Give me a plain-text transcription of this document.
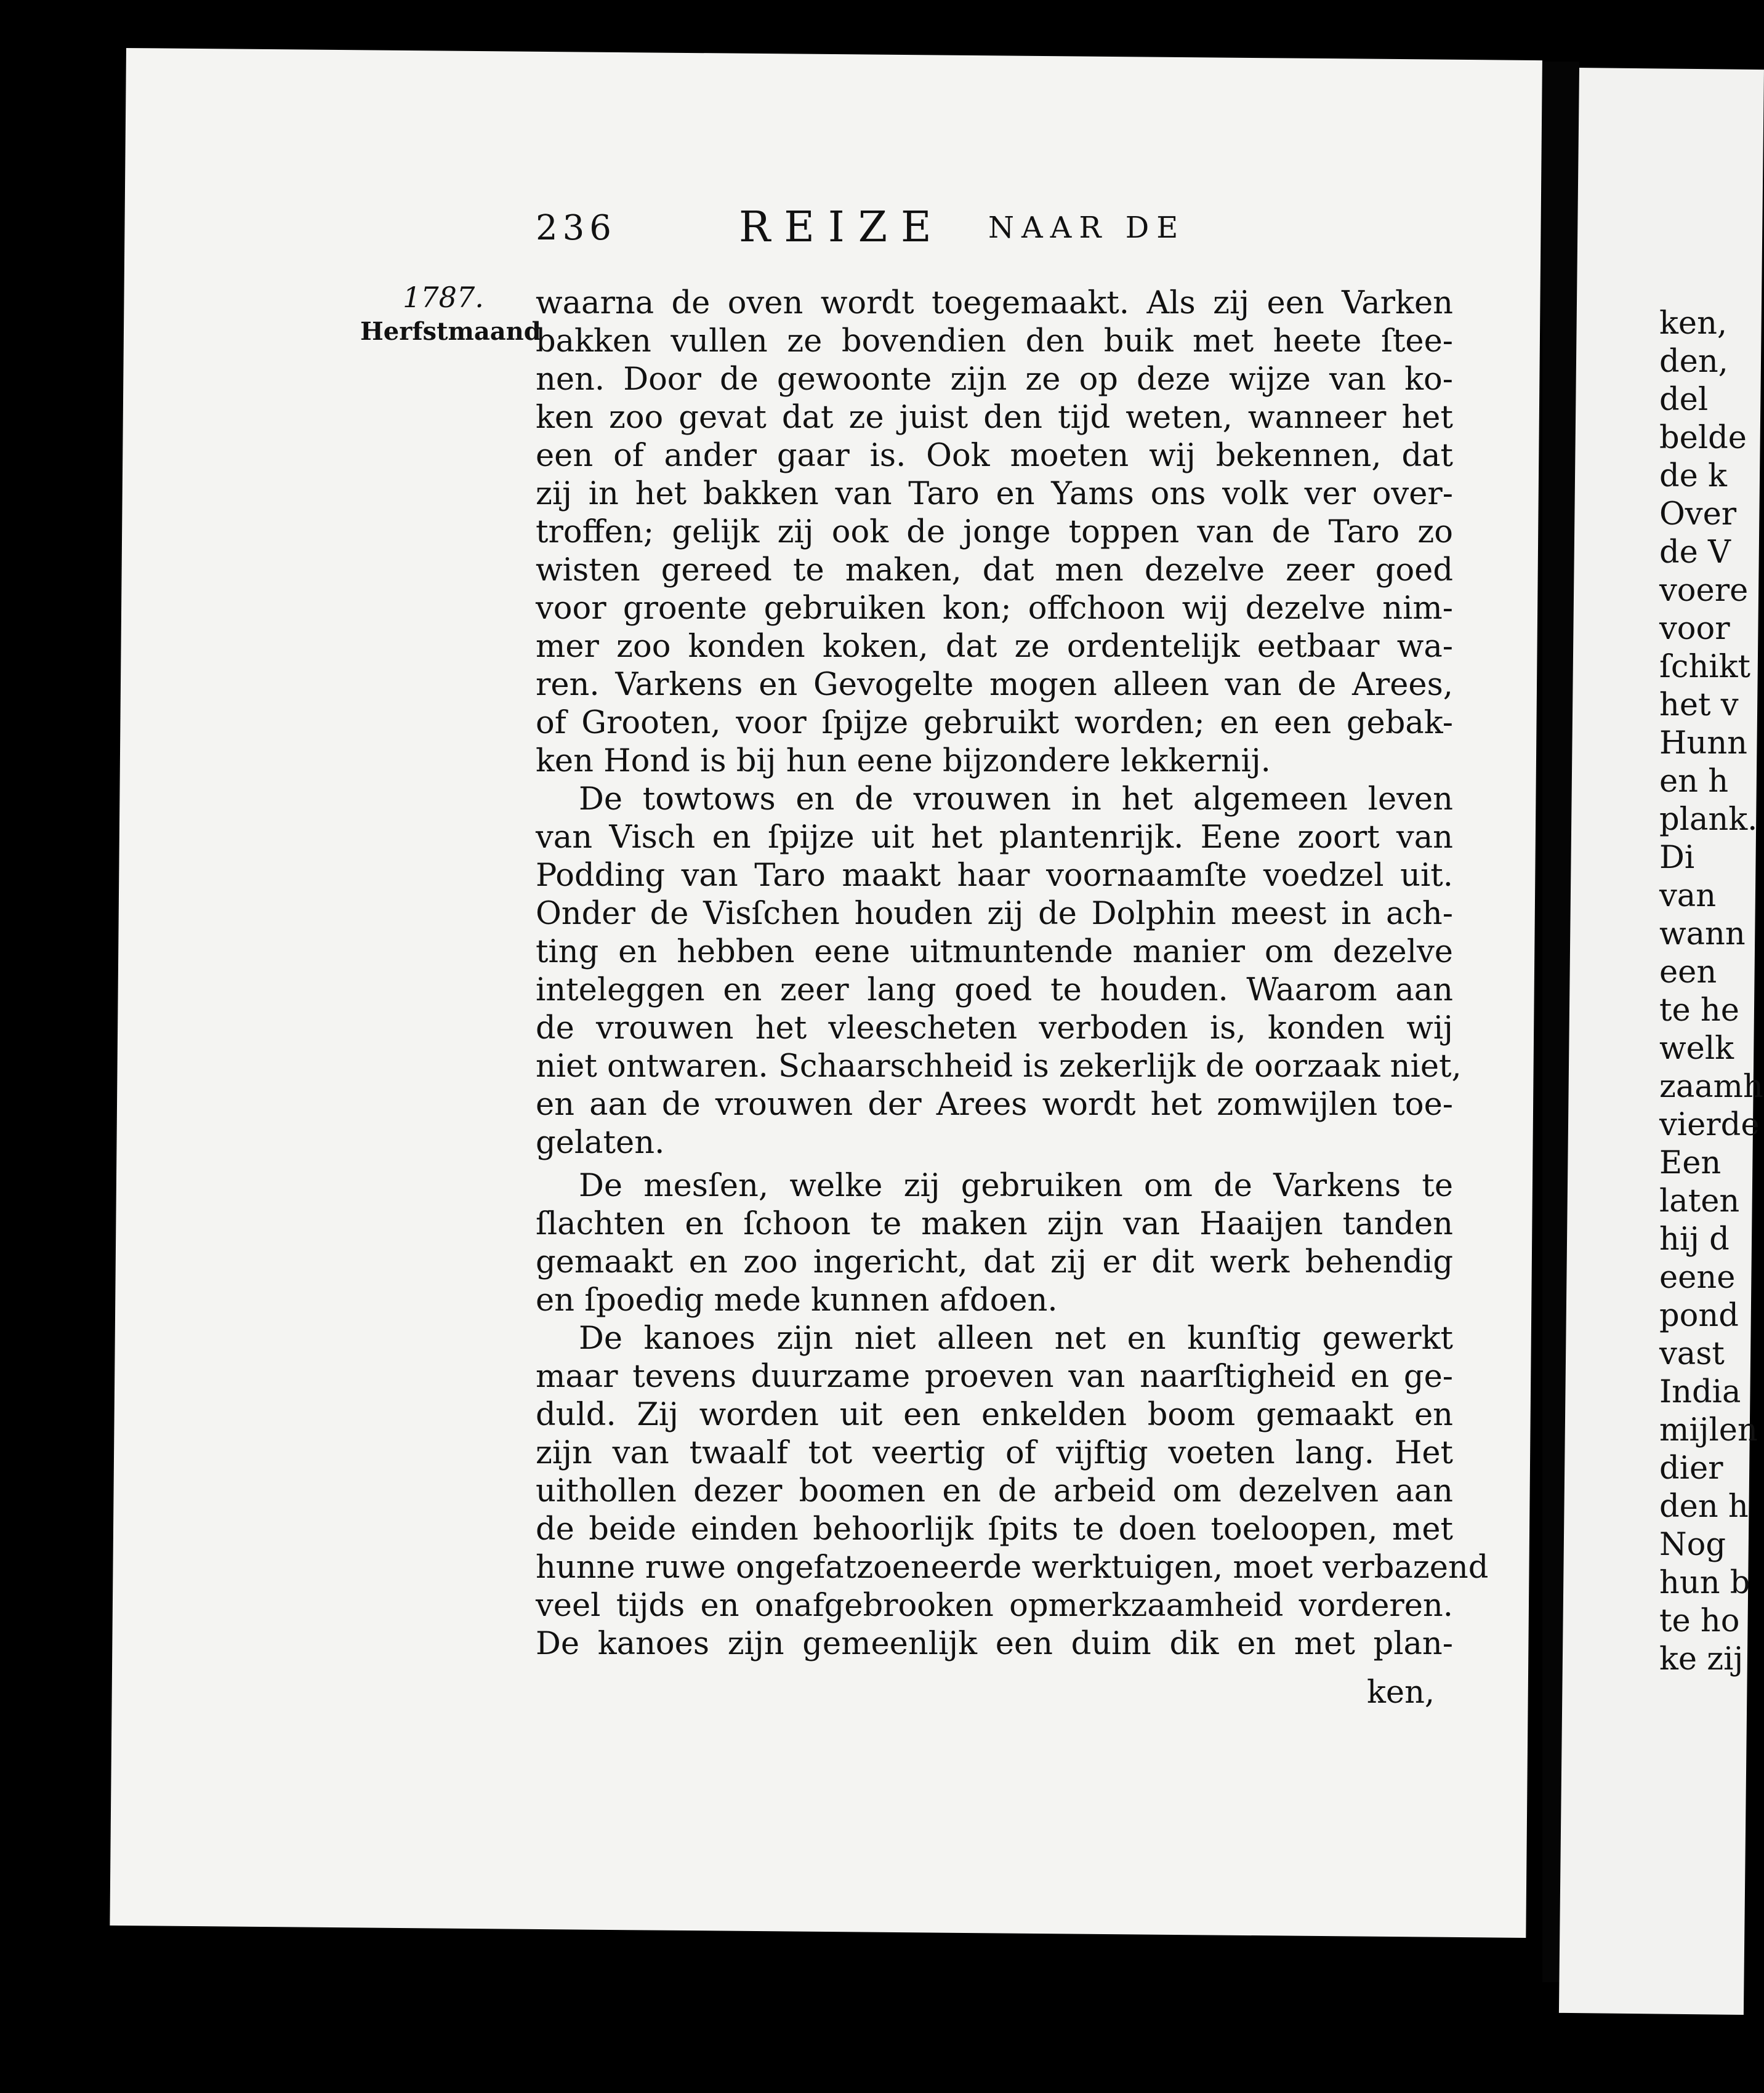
236	REIZE NAAR DE
1787.
Herfstmaand
waarna de oven wordt toegemaakt. Als zij een Varken
bakken vullen ze bovendien den buik met heete ſtee-
nen. Door de gewoonte zijn ze op deze wijze van ko-
ken zoo gevat dat ze juist den tijd weten, wanneer het
een of ander gaar is. Ook moeten wij bekennen, dat
zij in het bakken van Taro en Yams ons volk ver over-
troffen; gelijk zij ook de jonge toppen van de Taro zo
wisten gereed te maken, dat men dezelve zeer goed
voor groente gebruiken kon; offchoon wij dezelve nim-
mer zoo konden koken, dat ze ordentelijk eetbaar wa-
ren. Varkens en Gevogelte mogen alleen van de Arees,
of Grooten, voor ſpijze gebruikt worden; en een gebak-
ken Hond is bij hun eene bijzondere lekkernij.
De towtows en de vrouwen in het algemeen leven
van Visch en ſpijze uit het plantenrijk. Eene zoort van
Podding van Taro maakt haar voornaamſte voedzel uit.
Onder de Visſchen houden zij de Dolphin meest in ach-
ting en hebben eene uitmuntende manier om dezelve
inteleggen en zeer lang goed te houden. Waarom aan
de vrouwen het vleescheten verboden is, konden wij
niet ontwaren. Schaarschheid is zekerlijk de oorzaak niet,
en aan de vrouwen der Arees wordt het zomwijlen toe-
gelaten.
De mesſen, welke zij gebruiken om de Varkens te
ſlachten en ſchoon te maken zijn van Haaijen tanden
gemaakt en zoo ingericht, dat zij er dit werk behendig
en ſpoedig mede kunnen afdoen.
De kanoes zijn niet alleen net en kunſtig gewerkt
maar tevens duurzame proeven van naarſtigheid en ge-
duld. Zij worden uit een enkelden boom gemaakt en
zijn van twaalf tot veertig of vijftig voeten lang. Het
uithollen dezer boomen en de arbeid om dezelven aan
de beide einden behoorlijk ſpits te doen toeloopen, met
hunne ruwe ongefatzoeneerde werktuigen, moet verbazend
veel tijds en onafgebrooken opmerkzaamheid vorderen.
De kanoes zijn gemeenlijk een duim dik en met plan-
ken,
ken,
den,
del
belde
de k
Over
de V
voere
voor
ſchikt
het v
Hunn
en h
plank.
Di
van
wann
een
te he
welk
zaamh
vierde
Een
laten
hij d
eene
pond
vast
India
mijlen
dier
den h
Nog
hun b
te ho
ke zij
